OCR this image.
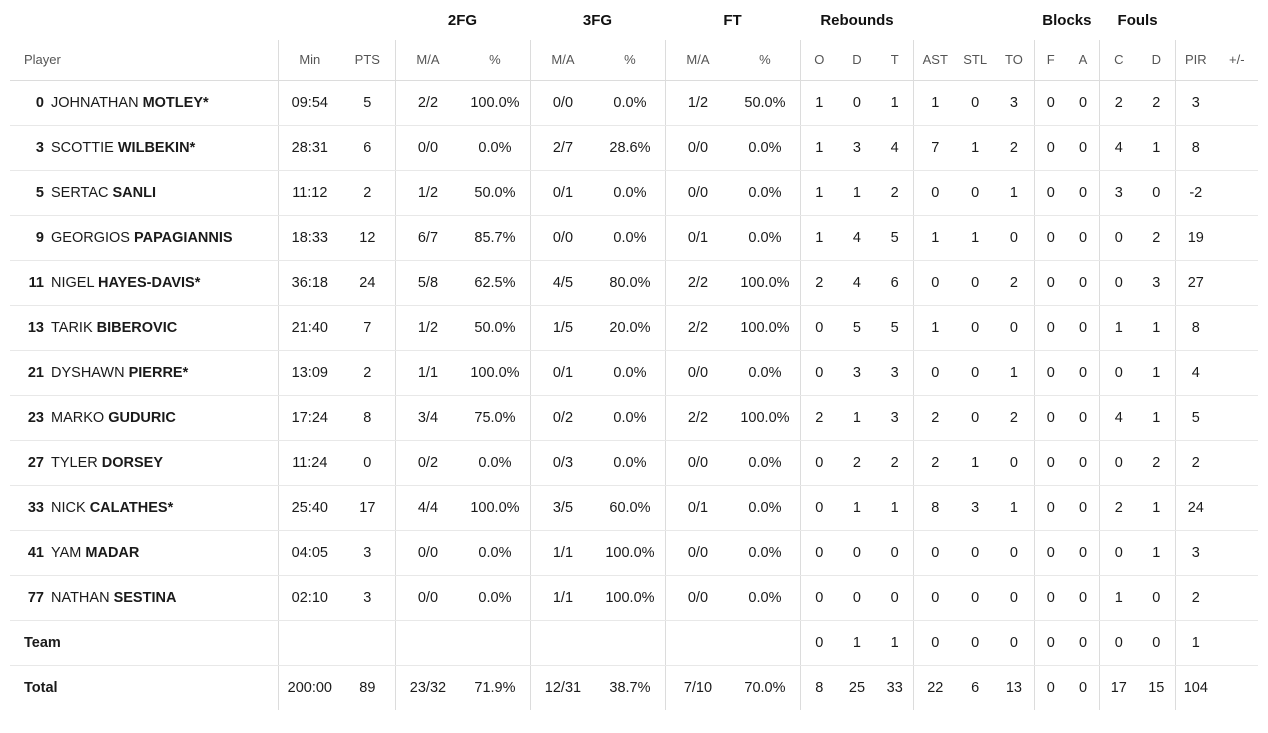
			2FG		3FG		FT		Rebounds						Blocks		Fouls			
Player	Min	PTS	M/A	%	M/A	%	M/A	%	O	D	T	AST	STL	TO	F	A	C	D	PIR	+/-
0 JOHNATHAN MOTLEY*	09:54	5	2/2	100.0%	0/0	0.0%	1/2	50.0%	1	0	1	1	0	3	0	0	2	2	3	
3 SCOTTIE WILBEKIN*	28:31	6	0/0	0.0%	2/7	28.6%	0/0	0.0%	1	3	4	7	1	2	0	0	4	1	8	
5 SERTAC SANLI	11:12	2	1/2	50.0%	0/1	0.0%	0/0	0.0%	1	1	2	0	0	1	0	0	3	0	-2	
9 GEORGIOS PAPAGIANNIS	18:33	12	6/7	85.7%	0/0	0.0%	0/1	0.0%	1	4	5	1	1	0	0	0	0	2	19	
11 NIGEL HAYES-DAVIS*	36:18	24	5/8	62.5%	4/5	80.0%	2/2	100.0%	2	4	6	0	0	2	0	0	0	3	27	
13 TARIK BIBEROVIC	21:40	7	1/2	50.0%	1/5	20.0%	2/2	100.0%	0	5	5	1	0	0	0	0	1	1	8	
21 DYSHAWN PIERRE*	13:09	2	1/1	100.0%	0/1	0.0%	0/0	0.0%	0	3	3	0	0	1	0	0	0	1	4	
23 MARKO GUDURIC	17:24	8	3/4	75.0%	0/2	0.0%	2/2	100.0%	2	1	3	2	0	2	0	0	4	1	5	
27 TYLER DORSEY	11:24	0	0/2	0.0%	0/3	0.0%	0/0	0.0%	0	2	2	2	1	0	0	0	0	2	2	
33 NICK CALATHES*	25:40	17	4/4	100.0%	3/5	60.0%	0/1	0.0%	0	1	1	8	3	1	0	0	2	1	24	
41 YAM MADAR	04:05	3	0/0	0.0%	1/1	100.0%	0/0	0.0%	0	0	0	0	0	0	0	0	0	1	3	
77 NATHAN SESTINA	02:10	3	0/0	0.0%	1/1	100.0%	0/0	0.0%	0	0	0	0	0	0	0	0	1	0	2	
Team									0	1	1	0	0	0	0	0	0	0	1	
Total	200:00	89	23/32	71.9%	12/31	38.7%	7/10	70.0%	8	25	33	22	6	13	0	0	17	15	104	
